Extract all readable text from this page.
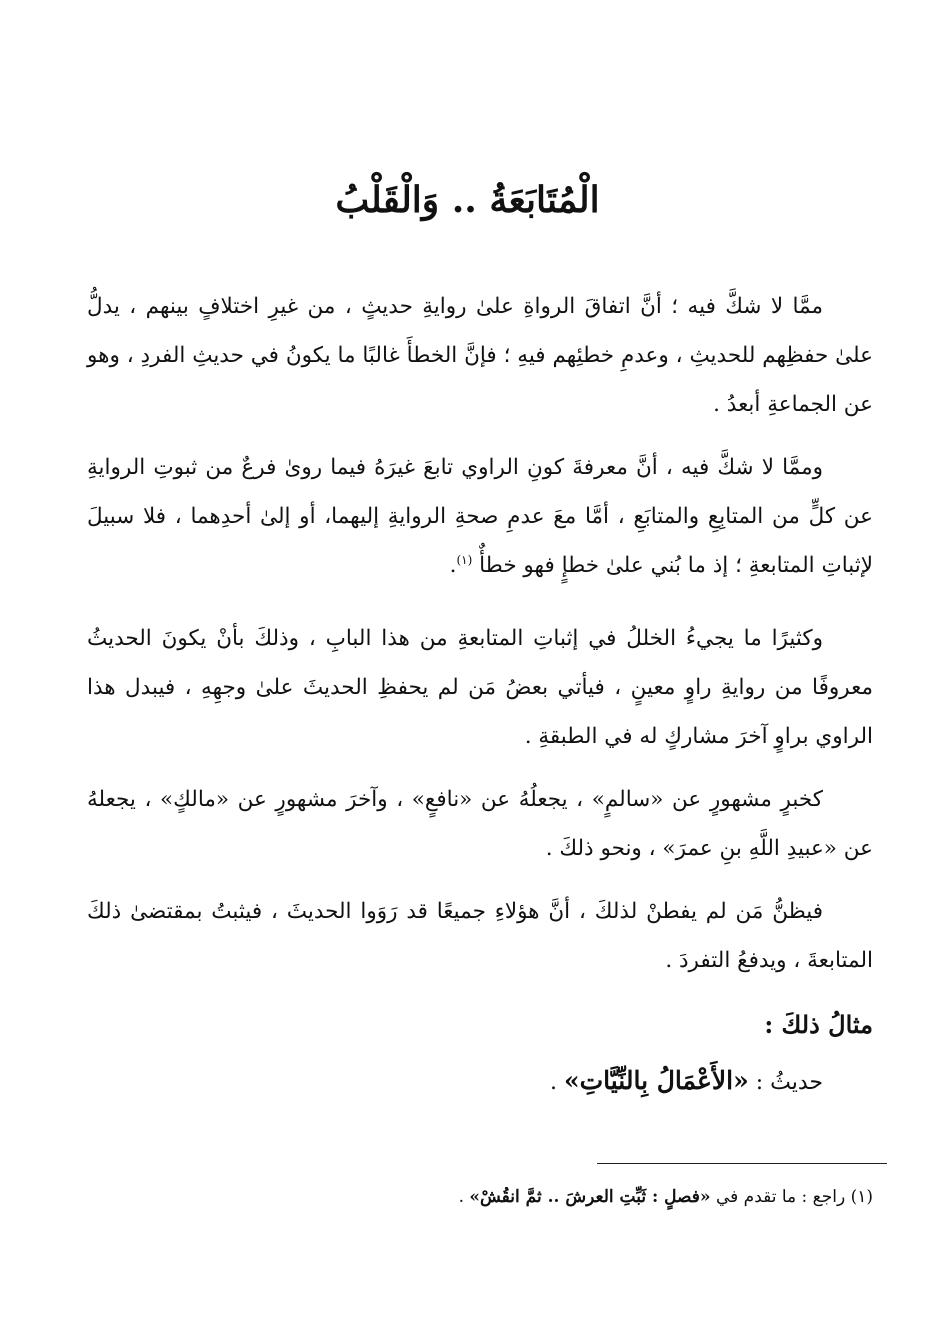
الْمُتَابَعَةُ .. وَالْقَلْبُ

ممَّا لا شكَّ فيه ؛ أنَّ اتفاقَ الرواةِ علىٰ روايةِ حديثٍ ، من غيرِ اختلافٍ بينهم ، يدلُّ علىٰ حفظِهم للحديثِ ، وعدمِ خطئِهم فيهِ ؛ فإنَّ الخطأَ غالبًا ما يكونُ في حديثِ الفردِ ، وهو عن الجماعةِ أبعدُ .

وممَّا لا شكَّ فيه ، أنَّ معرفةَ كونِ الراوي تابعَ غيرَهُ فيما روىٰ فرعٌ من ثبوتِ الروايةِ عن كلٍّ من المتابِعِ والمتابَعِ ، أمَّا معَ عدمِ صحةِ الروايةِ إليهما، أو إلىٰ أحدِهما ، فلا سبيلَ لإثباتِ المتابعةِ ؛ إذ ما بُني علىٰ خطإٍ فهو خطأٌ $^{(١)}$.

وكثيرًا ما يجيءُ الخللُ في إثباتِ المتابعةِ من هذا البابِ ، وذلكَ بأنْ يكونَ الحديثُ معروفًا من روايةِ راوٍ معينٍ ، فيأتي بعضُ مَن لم يحفظِ الحديثَ علىٰ وجهِهِ ، فيبدل هذا الراوي براوٍ آخرَ مشاركٍ له في الطبقةِ .

كخبرٍ مشهورٍ عن «سالمٍ» ، يجعلُهُ عن «نافعٍ» ، وآخرَ مشهورٍ عن «مالكٍ» ، يجعلهُ عن «عبيدِ اللَّهِ بنِ عمرَ» ، ونحو ذلكَ .

فيظنُّ مَن لم يفطنْ لذلكَ ، أنَّ هؤلاءِ جميعًا قد رَوَوا الحديثَ ، فيثبتُ بمقتضىٰ ذلكَ المتابعةَ ، ويدفعُ التفردَ .

مثالُ ذلكَ :

حديثُ : «الأَعْمَالُ بِالنِّيَّاتِ» .

(١) راجع : ما تقدم في «فصلٍ : ثَبِّتِ العرشَ .. ثمَّ انقُشْ» .
